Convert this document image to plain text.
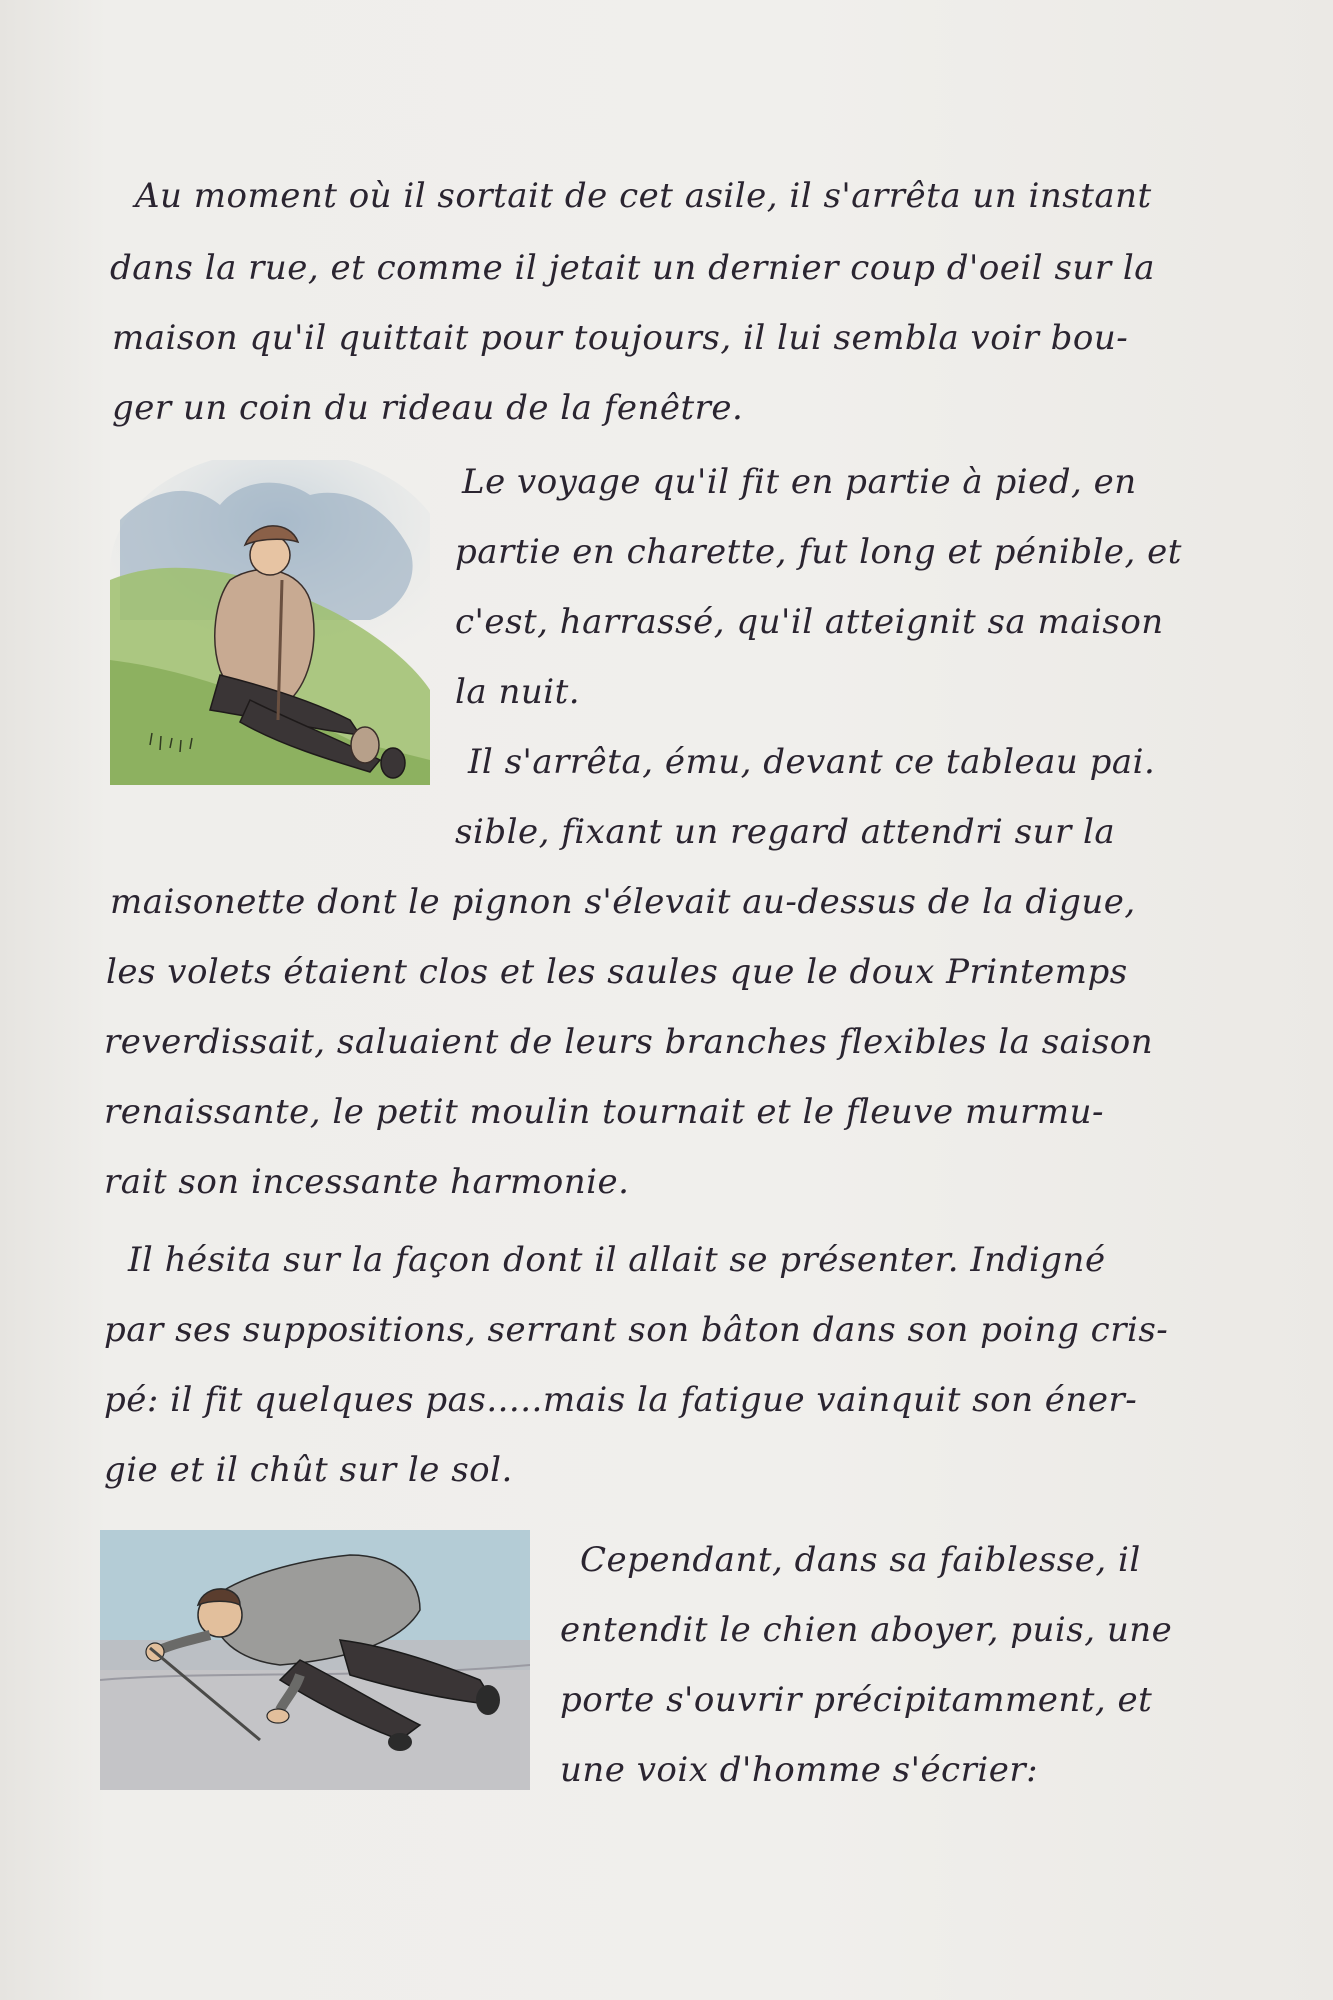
Au moment où il sortait de cet asile, il s'arrêta un instant
dans la rue, et comme il jetait un dernier coup d'oeil sur la
maison qu'il quittait pour toujours, il lui sembla voir bou-
ger un coin du rideau de la fenêtre.
Le voyage qu'il fit en partie à pied, en
partie en charette, fut long et pénible, et
c'est, harrassé, qu'il atteignit sa maison
la nuit.
Il s'arrêta, ému, devant ce tableau pai.
sible, fixant un regard attendri sur la
maisonette dont le pignon s'élevait au-dessus de la digue,
les volets étaient clos et les saules que le doux Printemps
reverdissait, saluaient de leurs branches flexibles la saison
renaissante, le petit moulin tournait et le fleuve murmu-
rait son incessante harmonie.
Il hésita sur la façon dont il allait se présenter. Indigné
par ses suppositions, serrant son bâton dans son poing cris-
pé: il fit quelques pas.....mais la fatigue vainquit son éner-
gie et il chût sur le sol.
Cependant, dans sa faiblesse, il
entendit le chien aboyer, puis, une
porte s'ouvrir précipitamment, et
une voix d'homme s'écrier:
